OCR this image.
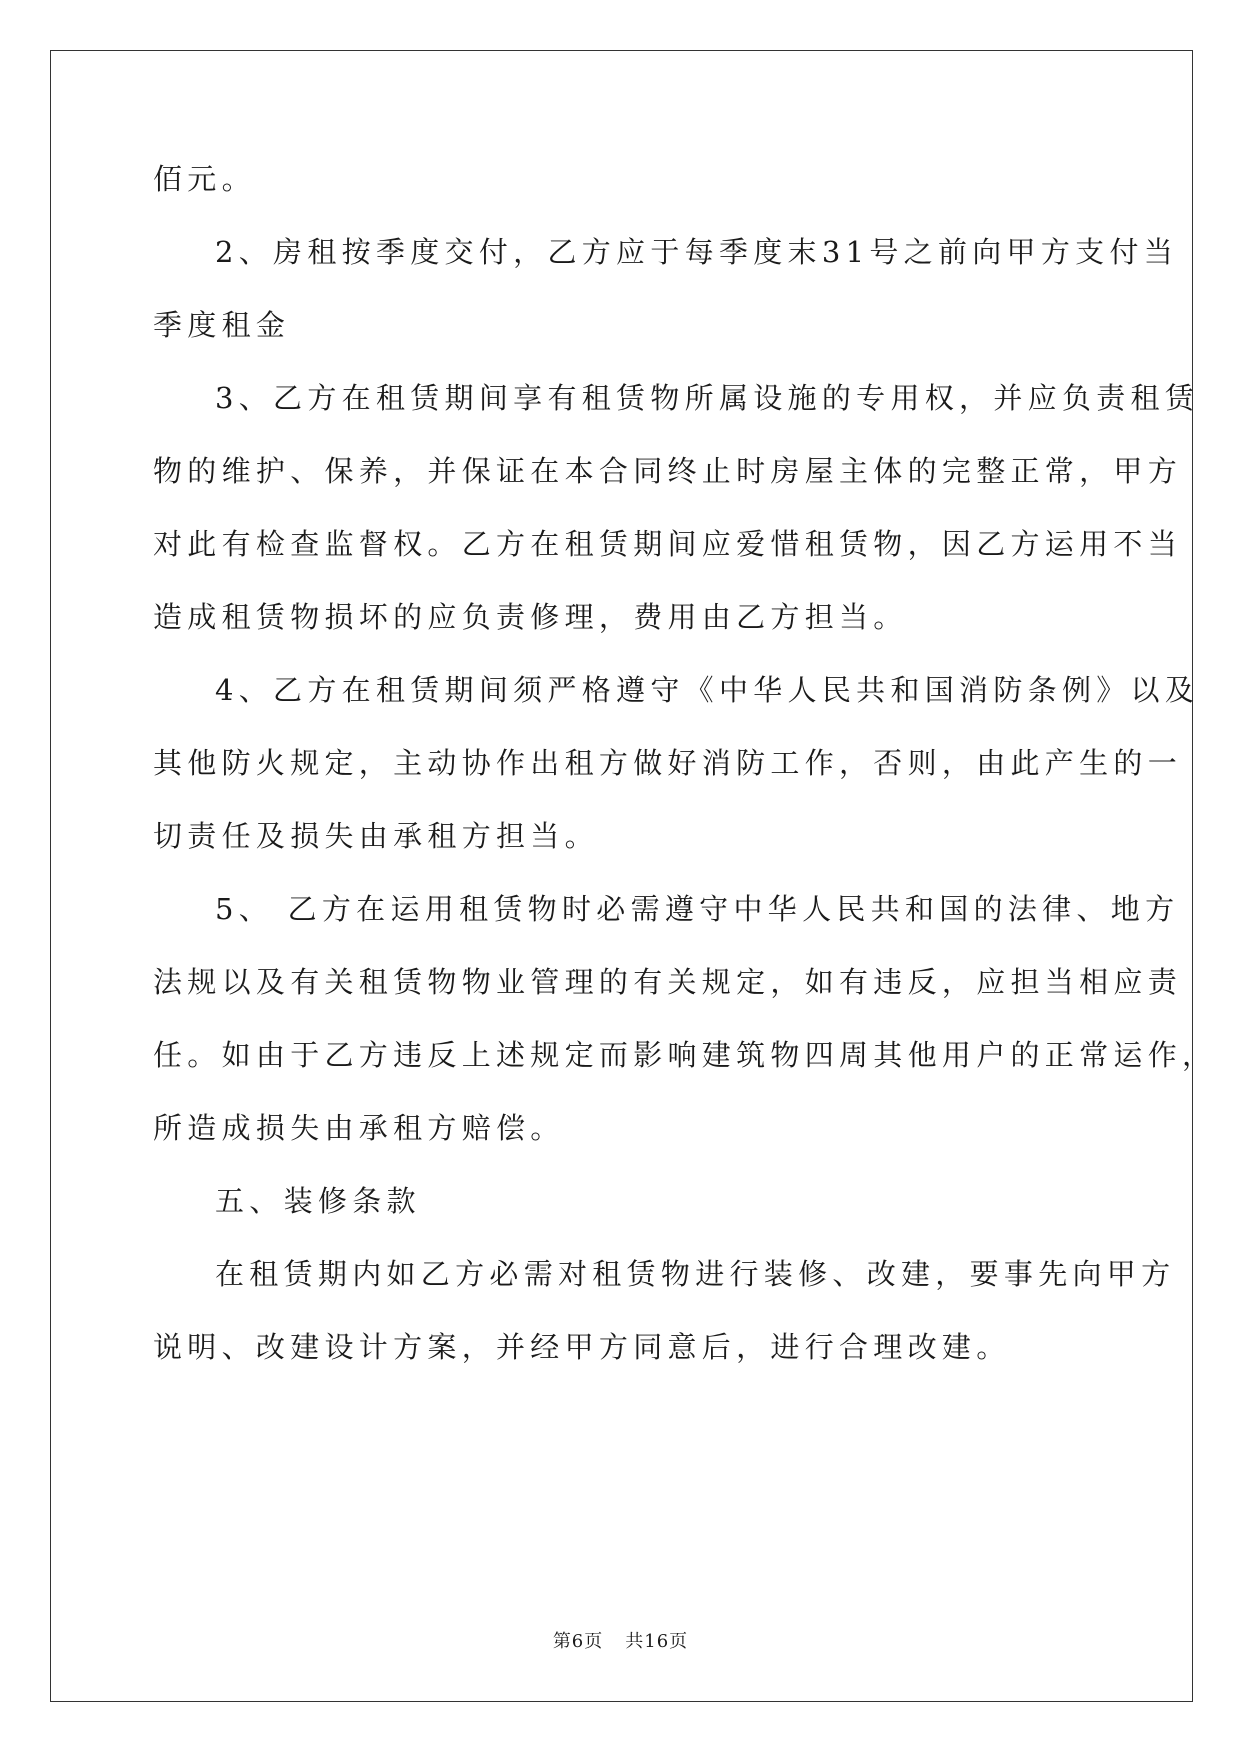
佰元。
2、房租按季度交付，乙方应于每季度末31号之前向甲方支付当
季度租金
3、乙方在租赁期间享有租赁物所属设施的专用权，并应负责租赁
物的维护、保养，并保证在本合同终止时房屋主体的完整正常，甲方
对此有检查监督权。乙方在租赁期间应爱惜租赁物，因乙方运用不当
造成租赁物损坏的应负责修理，费用由乙方担当。
4、乙方在租赁期间须严格遵守《中华人民共和国消防条例》以及
其他防火规定，主动协作出租方做好消防工作，否则，由此产生的一
切责任及损失由承租方担当。
5、 乙方在运用租赁物时必需遵守中华人民共和国的法律、地方
法规以及有关租赁物物业管理的有关规定，如有违反，应担当相应责
任。如由于乙方违反上述规定而影响建筑物四周其他用户的正常运作，
所造成损失由承租方赔偿。
五、装修条款
在租赁期内如乙方必需对租赁物进行装修、改建，要事先向甲方
说明、改建设计方案，并经甲方同意后，进行合理改建。
第6页 共16页
